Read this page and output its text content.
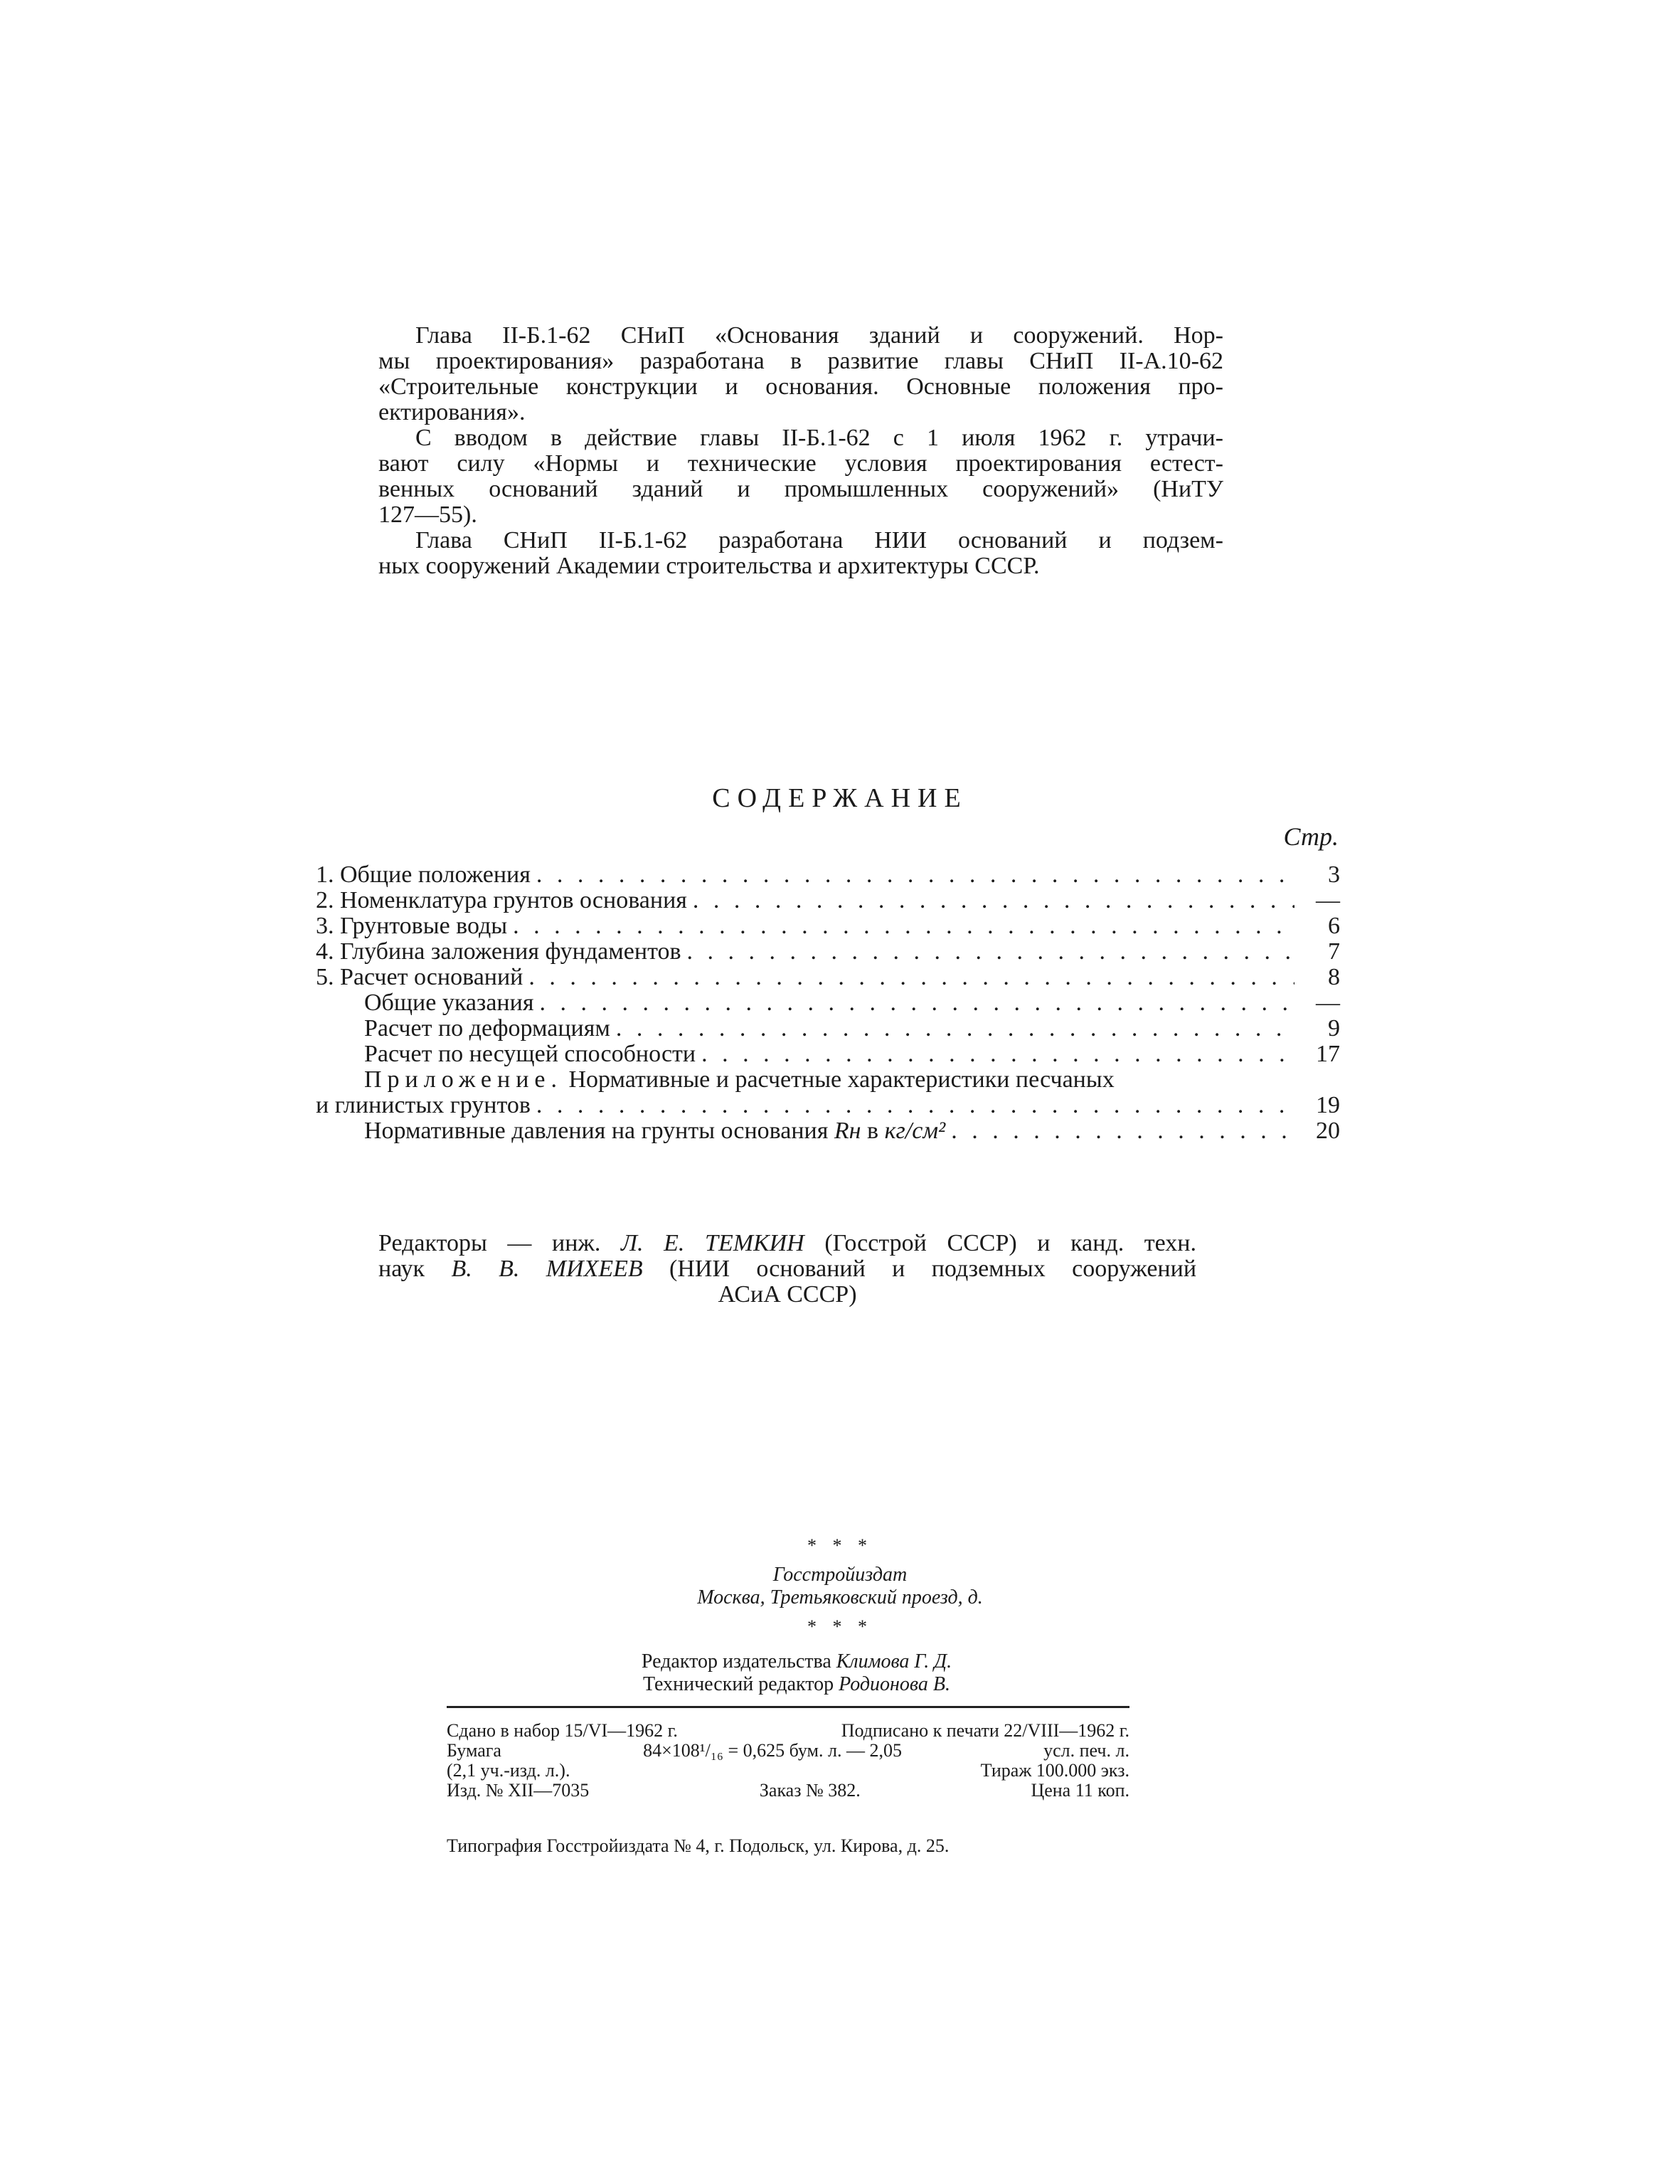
Глава II-Б.1-62 СНиП «Основания зданий и сооружений. Нор-

мы проектирования» разработана в развитие главы СНиП II-А.10-62

«Строительные конструкции и основания. Основные положения про-

ектирования».

С вводом в действие главы II-Б.1-62 с 1 июля 1962 г. утрачи-

вают силу «Нормы и технические условия проектирования естест-

венных оснований зданий и промышленных сооружений» (НиТУ

127—55).

Глава СНиП II-Б.1-62 разработана НИИ оснований и подзем-

ных сооружений Академии строительства и архитектуры СССР.

СОДЕРЖАНИЕ
Стр.
1. Общие положения . . .	3
2. Номенклатура грунтов основания . . .	—
3. Грунтовые воды . . .	6
4. Глубина заложения фундаментов . . .	7
5. Расчет оснований . . .	8
Общие указания . . .	—
Расчет по деформациям . . .	9
Расчет по несущей способности . . .	17
Приложение. Нормативные и расчетные характеристики песчаных
и глинистых грунтов . . .	19
Нормативные давления на грунты основания Rн в кг/см² . . .	20

Редакторы — инж. Л. Е. ТЕМКИН (Госстрой СССР) и канд. техн.

наук В. В. МИХЕЕВ (НИИ оснований и подземных сооружений

АСиА СССР)

* * *
Госстройиздат
Москва, Третьяковский проезд, д.
* * *
Редактор издательства Климова Г. Д.
Технический редактор Родионова В.
Сдано в набор 15/VI—1962 г.	Подписано к печати 22/VIII—1962 г.
Бумага	84×108¹/₁₆ = 0,625 бум. л. — 2,05	усл. печ. л.
(2,1 уч.-изд. л.).	Тираж 100.000 экз.
Изд. № XII—7035	Заказ № 382.	Цена 11 коп.
Типография Госстройиздата № 4, г. Подольск, ул. Кирова, д. 25.
